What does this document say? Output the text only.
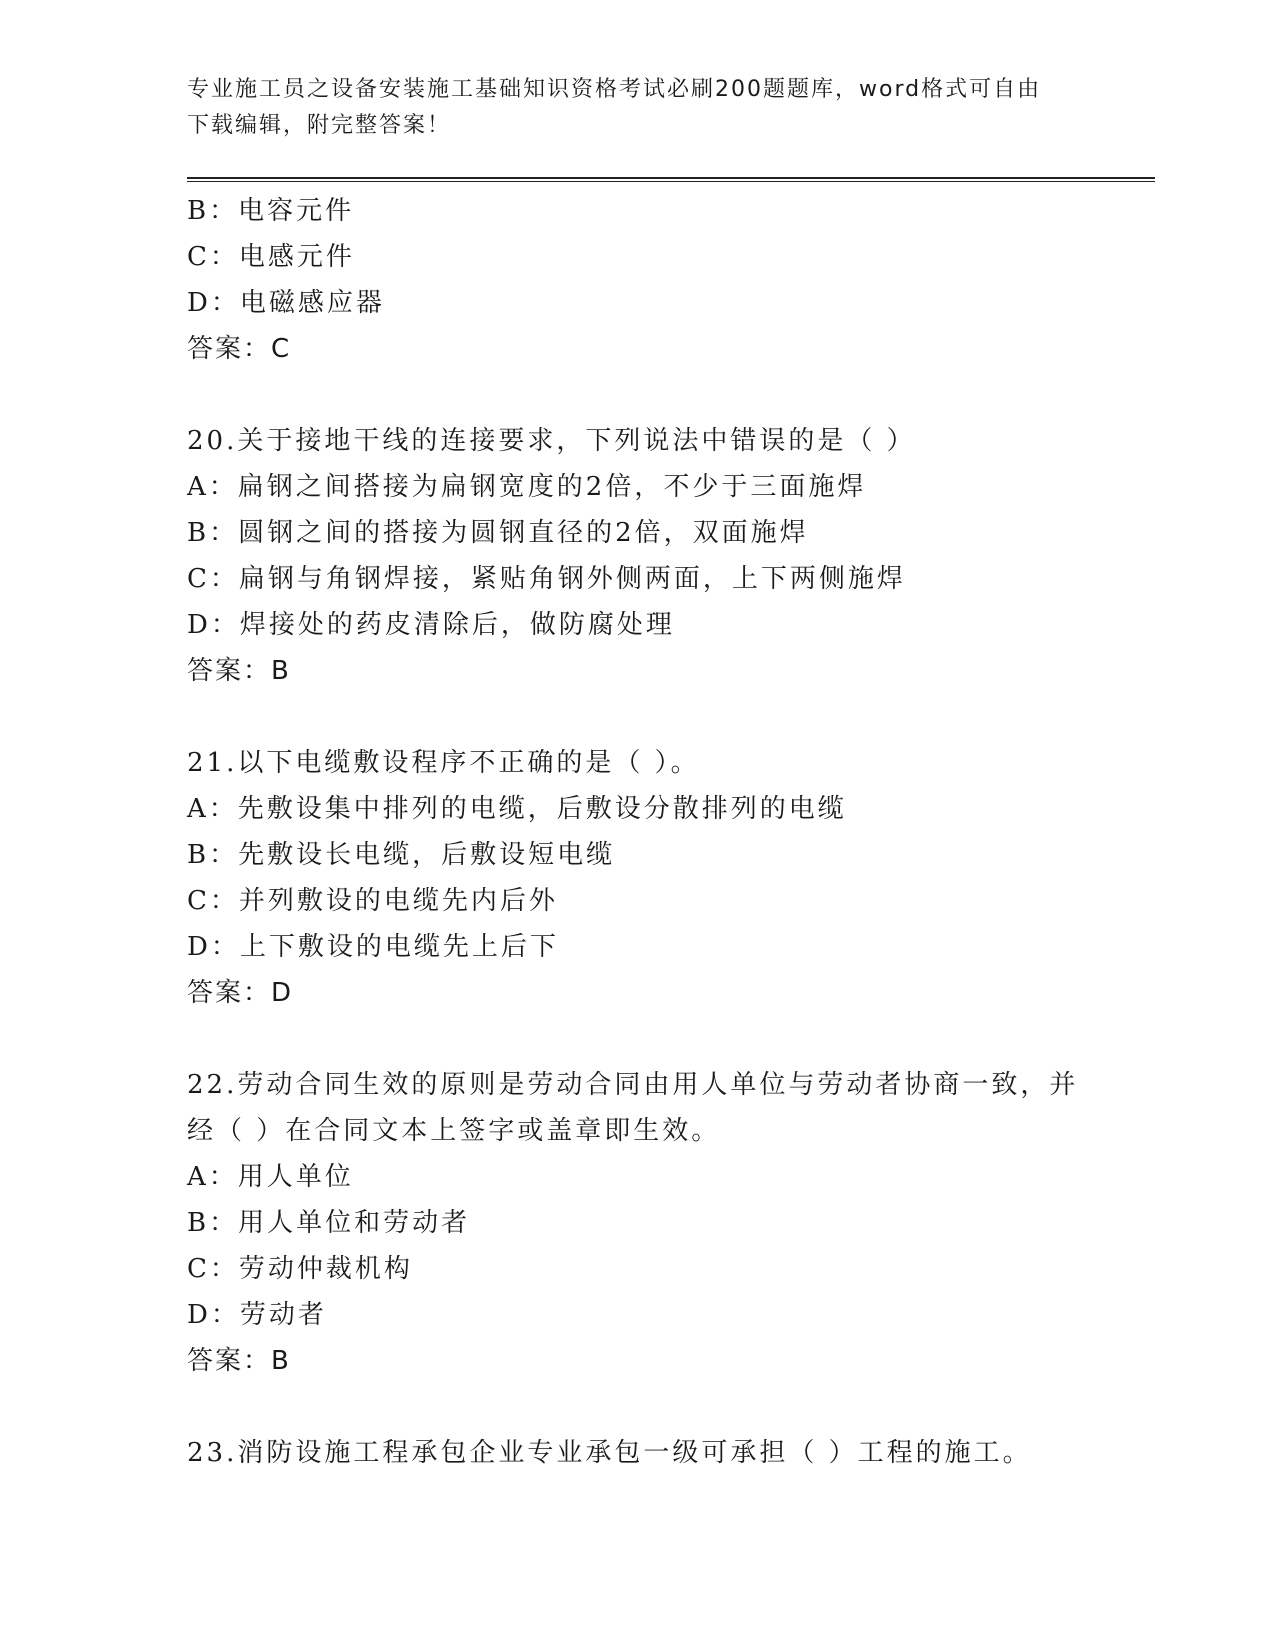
专业施工员之设备安装施工基础知识资格考试必刷200题题库，word格式可自由
下载编辑，附完整答案！
B：电容元件
C：电感元件
D：电磁感应器
答案：C
20.关于接地干线的连接要求，下列说法中错误的是（ ）
A：扁钢之间搭接为扁钢宽度的2倍，不少于三面施焊
B：圆钢之间的搭接为圆钢直径的2倍，双面施焊
C：扁钢与角钢焊接，紧贴角钢外侧两面，上下两侧施焊
D：焊接处的药皮清除后，做防腐处理
答案：B
21.以下电缆敷设程序不正确的是（ ）。
A：先敷设集中排列的电缆，后敷设分散排列的电缆
B：先敷设长电缆，后敷设短电缆
C：并列敷设的电缆先内后外
D：上下敷设的电缆先上后下
答案：D
22.劳动合同生效的原则是劳动合同由用人单位与劳动者协商一致，并
经（ ）在合同文本上签字或盖章即生效。
A：用人单位
B：用人单位和劳动者
C：劳动仲裁机构
D：劳动者
答案：B
23.消防设施工程承包企业专业承包一级可承担（ ）工程的施工。
